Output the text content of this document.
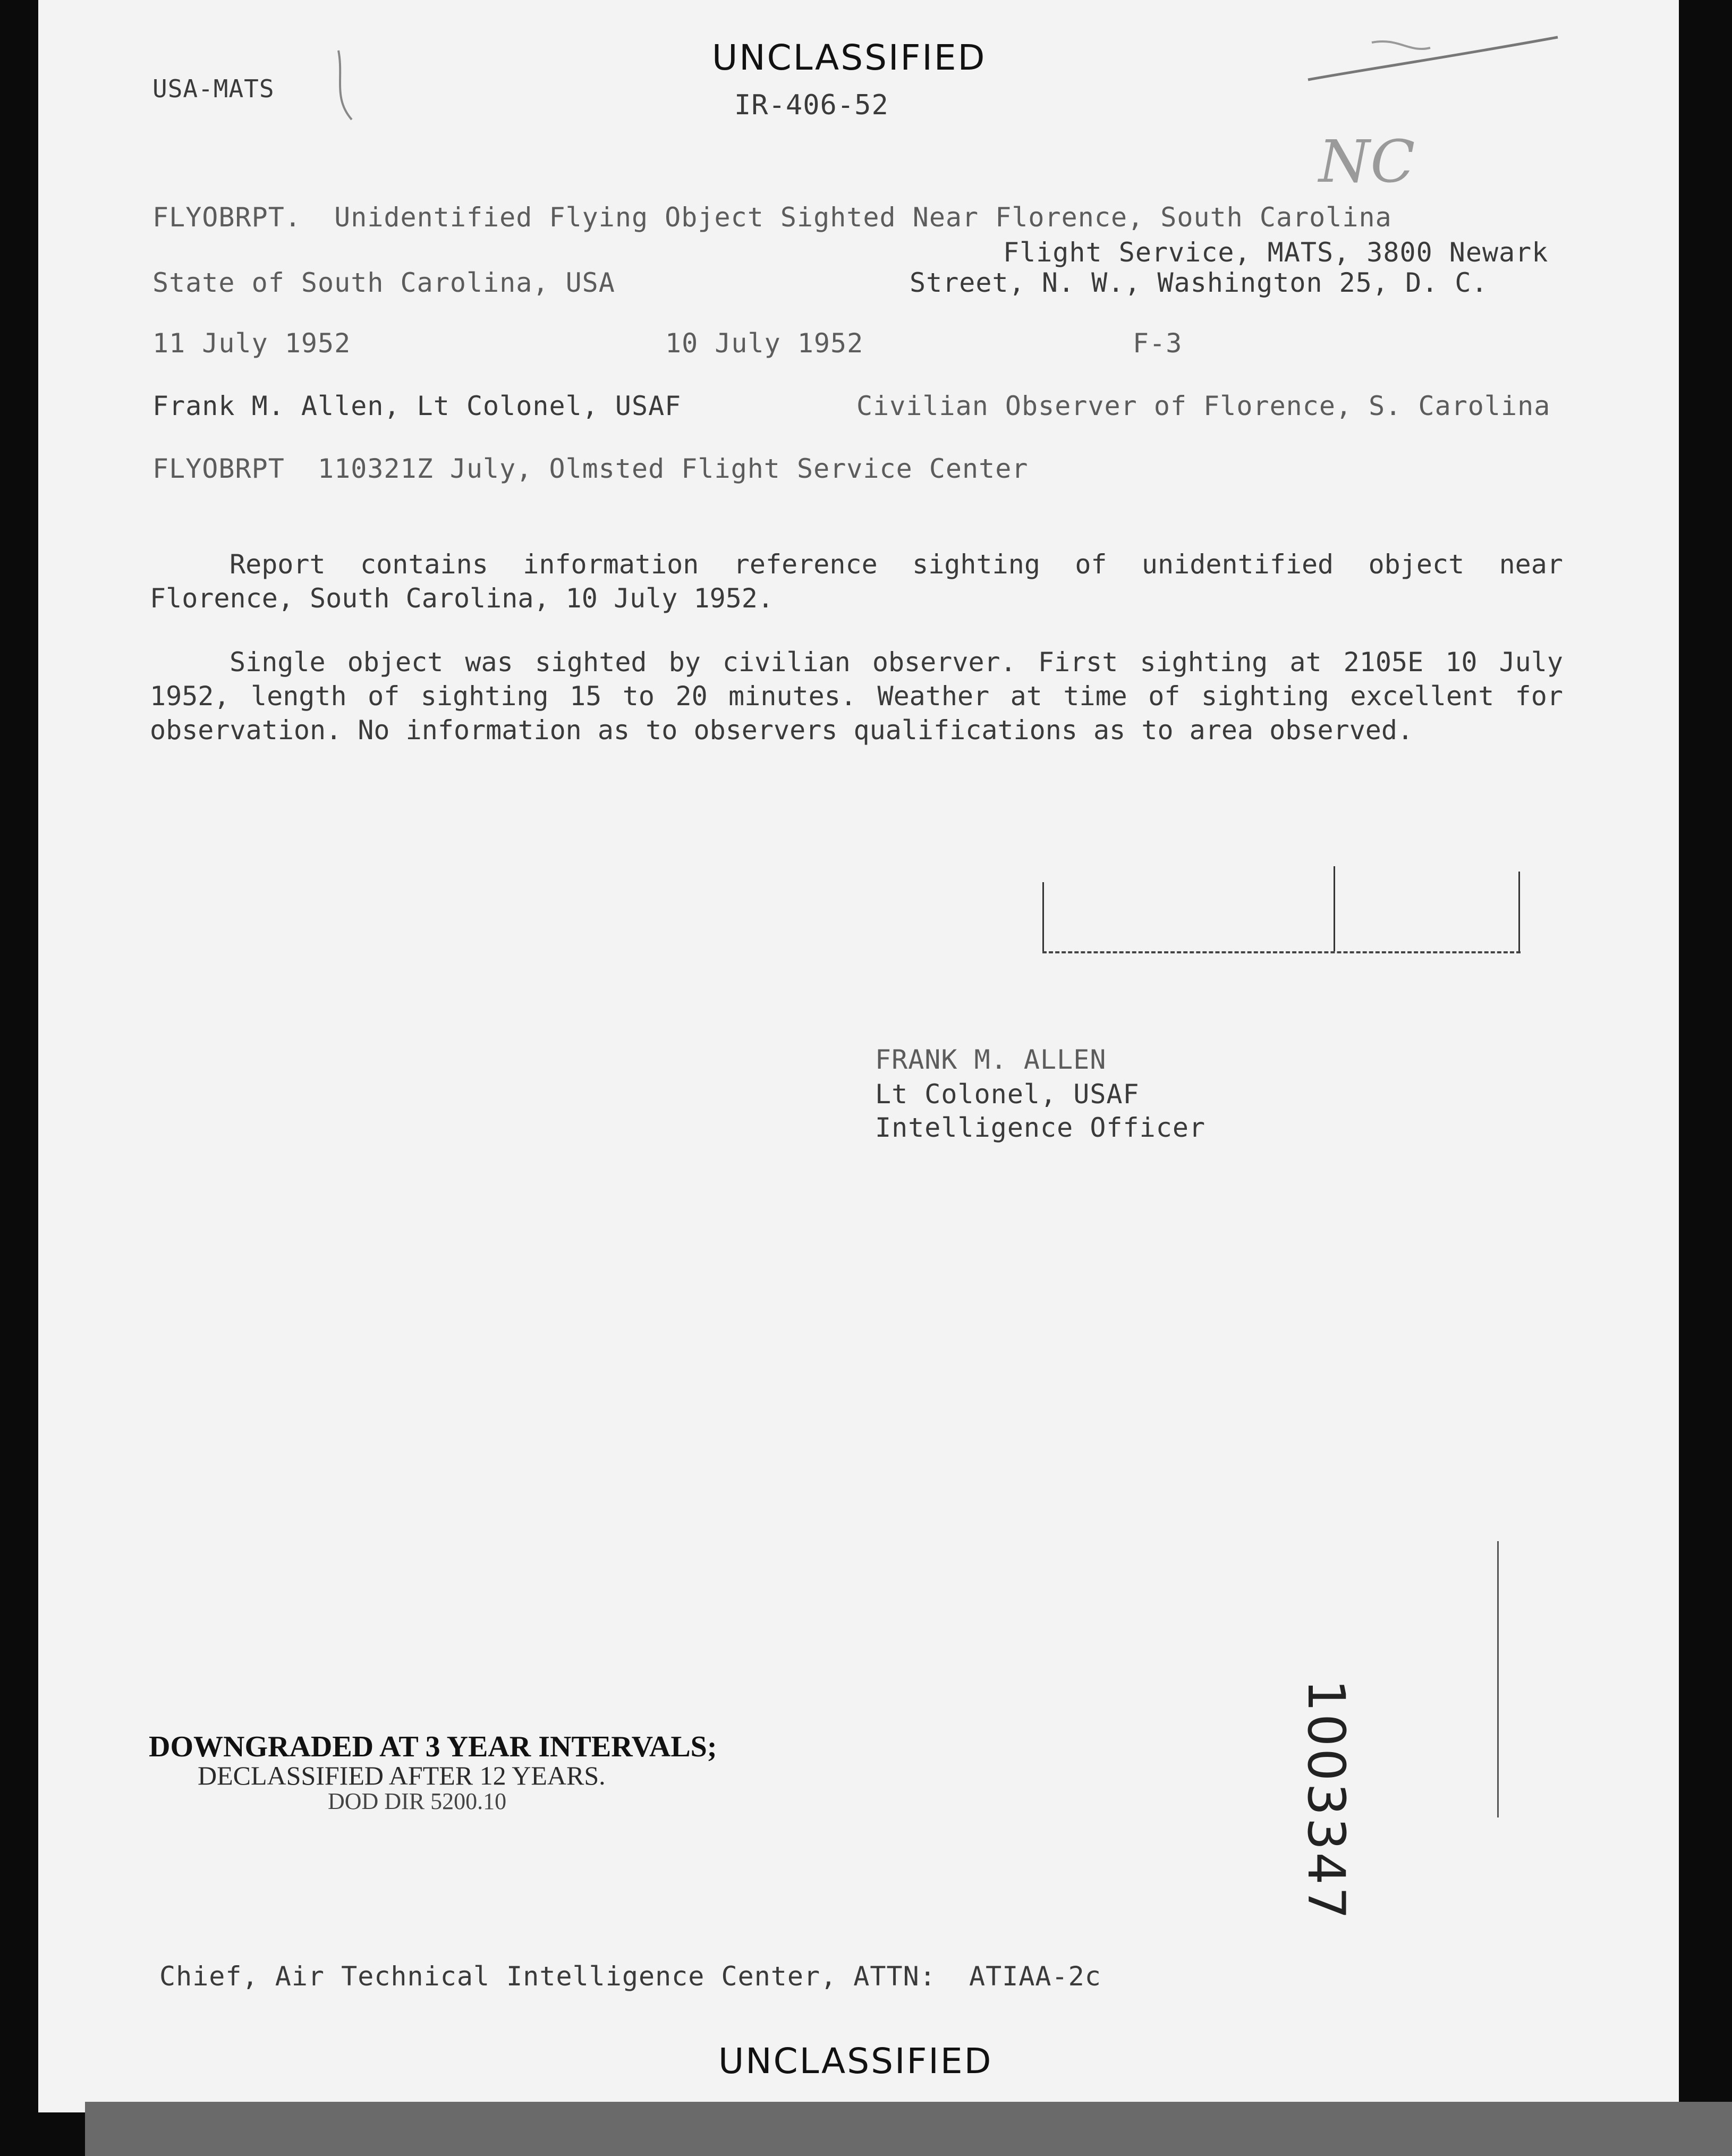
UNCLASSIFIED
USA-MATS
IR-406-52
NC
FLYOBRPT.  Unidentified Flying Object Sighted Near Florence, South Carolina
Flight Service, MATS, 3800 Newark
State of South Carolina, USA	Street, N. W., Washington 25, D. C.
11 July 1952	10 July 1952	F-3
Frank M. Allen, Lt Colonel, USAF	Civilian Observer of Florence, S. Carolina
FLYOBRPT  110321Z July, Olmsted Flight Service Center

Report contains information reference sighting of unidentified object near Florence, South Carolina, 10 July 1952.

Single object was sighted by civilian observer. First sighting at 2105E 10 July 1952, length of sighting 15 to 20 minutes. Weather at time of sighting excellent for observation. No information as to observers qualifications as to area observed.

FRANK M. ALLEN
Lt Colonel, USAF
Intelligence Officer
1003347
DOWNGRADED AT 3 YEAR INTERVALS;
DECLASSIFIED AFTER 12 YEARS.
DOD DIR 5200.10
Chief, Air Technical Intelligence Center, ATTN:  ATIAA-2c
UNCLASSIFIED
